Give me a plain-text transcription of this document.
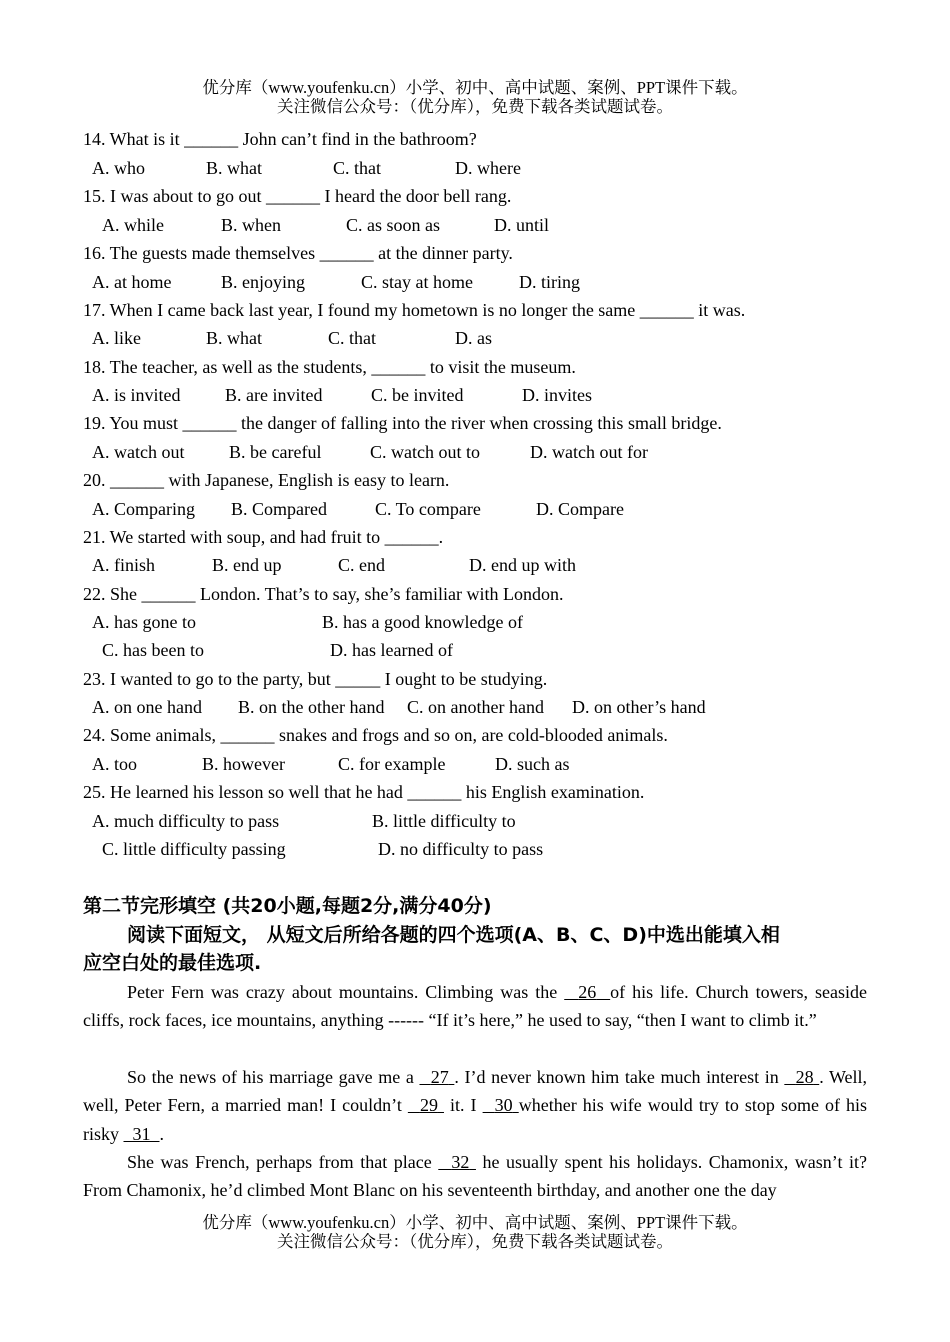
优分库（www.youfenku.cn）小学、初中、高中试题、案例、PPT课件下载。
关注微信公众号：（优分库），免费下载各类试题试卷。
14. What is it ______ John can’t find in the bathroom?
A. who	B. what	C. that	D. where
15. I was about to go out ______ I heard the door bell rang.
A. while	B. when	C. as soon as	D. until
16. The guests made themselves ______ at the dinner party.
A. at home	B. enjoying	C. stay at home	D. tiring
17. When I came back last year, I found my hometown is no longer the same ______ it was.
A. like	B. what	C. that	D. as
18. The teacher, as well as the students, ______ to visit the museum.
A. is invited B. are invited	C. be invited	D. invites
19. You must ______ the danger of falling into the river when crossing this small bridge.
A. watch out B. be careful	C. watch out to	D. watch out for
20. ______ with Japanese, English is easy to learn.
A. Comparing B. Compared	C. To compare	D. Compare
21. We started with soup, and had fruit to ______.
A. finish	B. end up	C. end	D. end up with
22. She ______ London. That’s to say, she’s familiar with London.
A. has gone to	B. has a good knowledge of
C. has been to	D. has learned of
23. I wanted to go to the party, but _____ I ought to be studying.
A. on one hand B. on the other hand C. on another hand D. on other’s hand
24. Some animals, ______ snakes and frogs and so on, are cold-blooded animals.
A. too	B. however	C. for example	D. such as
25. He learned his lesson so well that he had ______ his English examination.
A. much difficulty to pass	B. little difficulty to
C. little difficulty passing	D. no difficulty to pass
第二节完形填空 (共20小题,每题2分,满分40分)
阅读下面短文， 从短文后所给各题的四个选项(A、B、C、D)中选出能填入相
应空白处的最佳选项.

Peter Fern was crazy about mountains. Climbing was the   26 of his life. Church towers, seaside cliffs, rock faces, ice mountains, anything ------ “If it’s here,” he used to say, “then I want to climb it.”

So the news of his marriage gave me a   27 . I’d never known him take much interest in   28 . Well, well, Peter Fern, a married man! I couldn’t   29  it. I   30 whether his wife would try to stop some of his risky   31 .

She was French, perhaps from that place   32  he usually spent his holidays. Chamonix, wasn’t it? From Chamonix, he’d climbed Mont Blanc on his seventeenth birthday, and another one the day

优分库（www.youfenku.cn）小学、初中、高中试题、案例、PPT课件下载。
关注微信公众号：（优分库），免费下载各类试题试卷。
